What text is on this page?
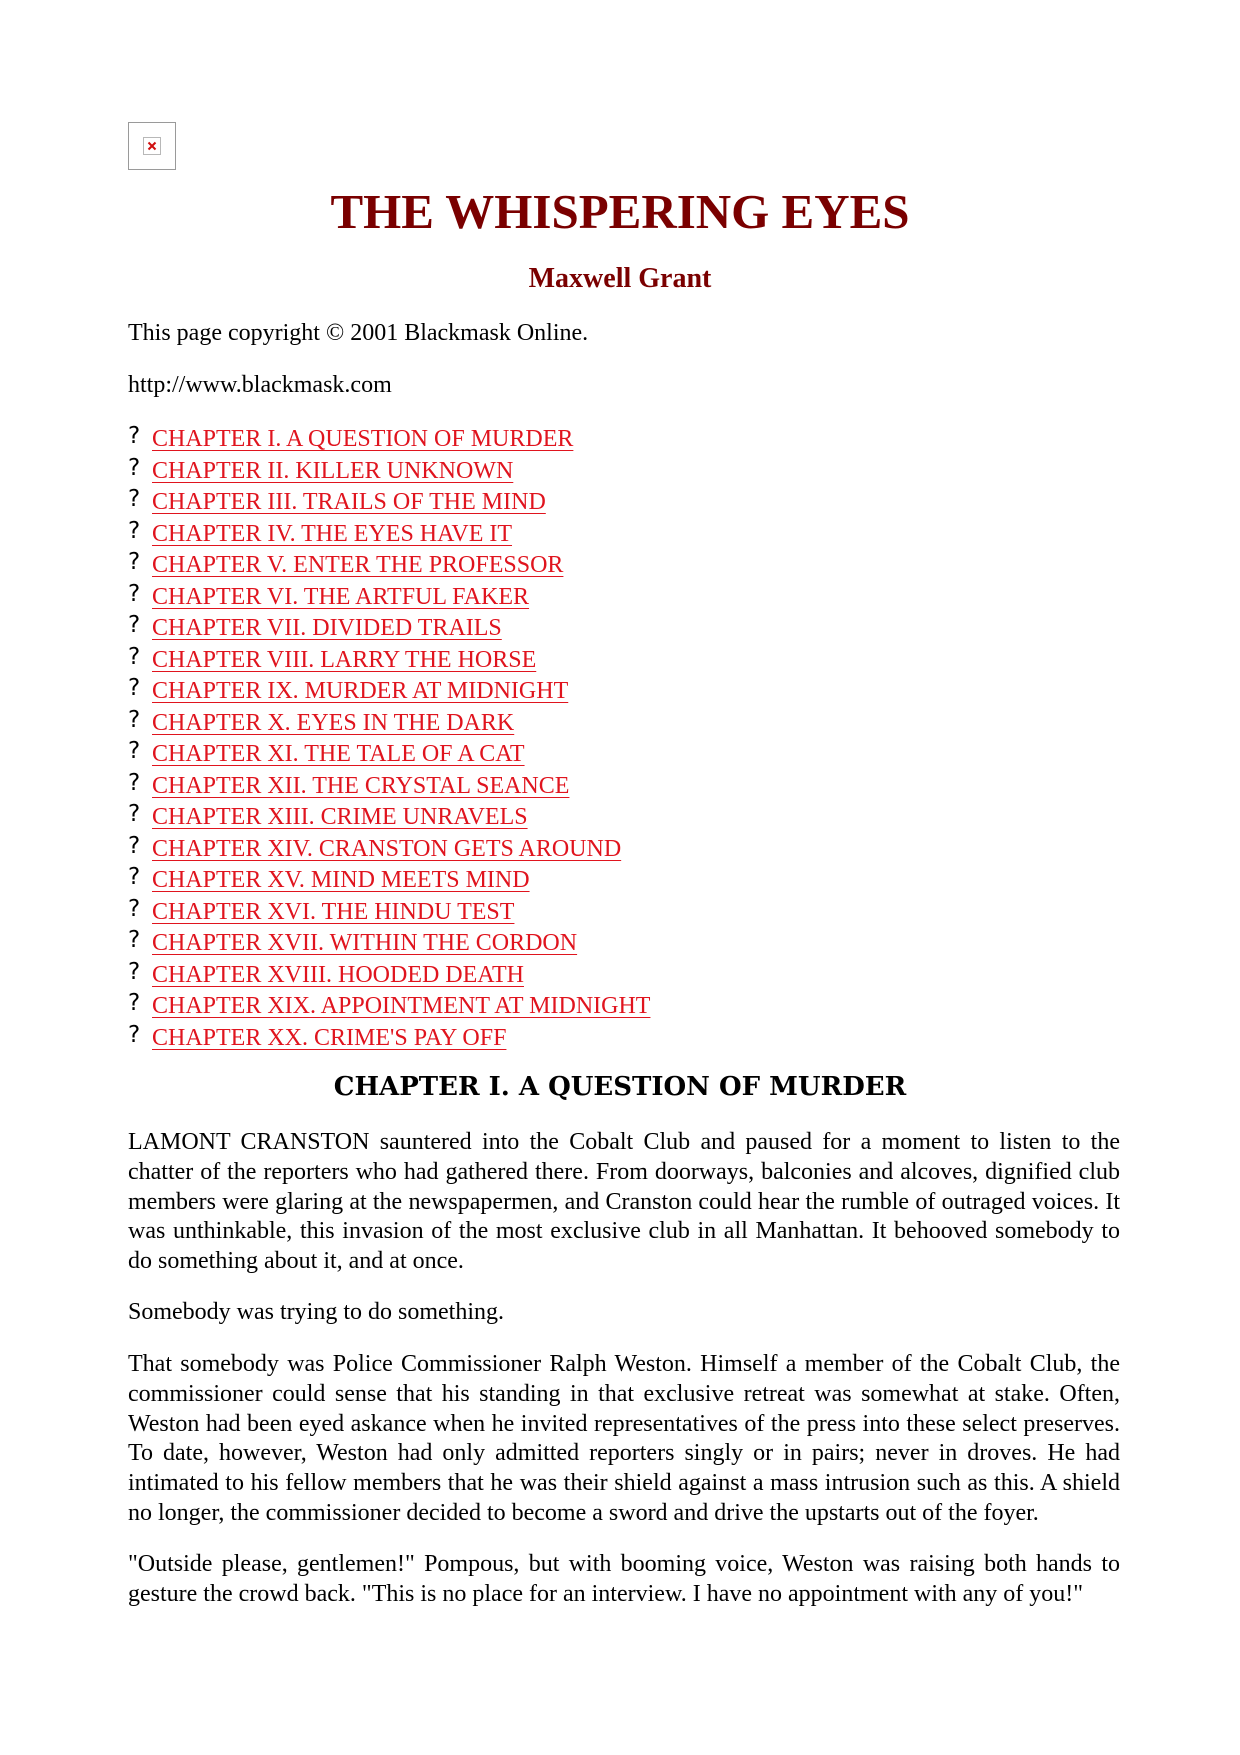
THE WHISPERING EYES
Maxwell Grant

This page copyright © 2001 Blackmask Online.

http://www.blackmask.com

? CHAPTER I. A QUESTION OF MURDER
? CHAPTER II. KILLER UNKNOWN
? CHAPTER III. TRAILS OF THE MIND
? CHAPTER IV. THE EYES HAVE IT
? CHAPTER V. ENTER THE PROFESSOR
? CHAPTER VI. THE ARTFUL FAKER
? CHAPTER VII. DIVIDED TRAILS
? CHAPTER VIII. LARRY THE HORSE
? CHAPTER IX. MURDER AT MIDNIGHT
? CHAPTER X. EYES IN THE DARK
? CHAPTER XI. THE TALE OF A CAT
? CHAPTER XII. THE CRYSTAL SEANCE
? CHAPTER XIII. CRIME UNRAVELS
? CHAPTER XIV. CRANSTON GETS AROUND
? CHAPTER XV. MIND MEETS MIND
? CHAPTER XVI. THE HINDU TEST
? CHAPTER XVII. WITHIN THE CORDON
? CHAPTER XVIII. HOODED DEATH
? CHAPTER XIX. APPOINTMENT AT MIDNIGHT
? CHAPTER XX. CRIME'S PAY OFF
CHAPTER I. A QUESTION OF MURDER

LAMONT CRANSTON sauntered into the Cobalt Club and paused for a moment to listen to the chatter of the reporters who had gathered there. From doorways, balconies and alcoves, dignified club members were glaring at the newspapermen, and Cranston could hear the rumble of outraged voices. It was unthinkable, this invasion of the most exclusive club in all Manhattan. It behooved somebody to do something about it, and at once.

Somebody was trying to do something.

That somebody was Police Commissioner Ralph Weston. Himself a member of the Cobalt Club, the commissioner could sense that his standing in that exclusive retreat was somewhat at stake. Often, Weston had been eyed askance when he invited representatives of the press into these select preserves. To date, however, Weston had only admitted reporters singly or in pairs; never in droves. He had intimated to his fellow members that he was their shield against a mass intrusion such as this. A shield no longer, the commissioner decided to become a sword and drive the upstarts out of the foyer.

"Outside please, gentlemen!" Pompous, but with booming voice, Weston was raising both hands to gesture the crowd back. "This is no place for an interview. I have no appointment with any of you!"
